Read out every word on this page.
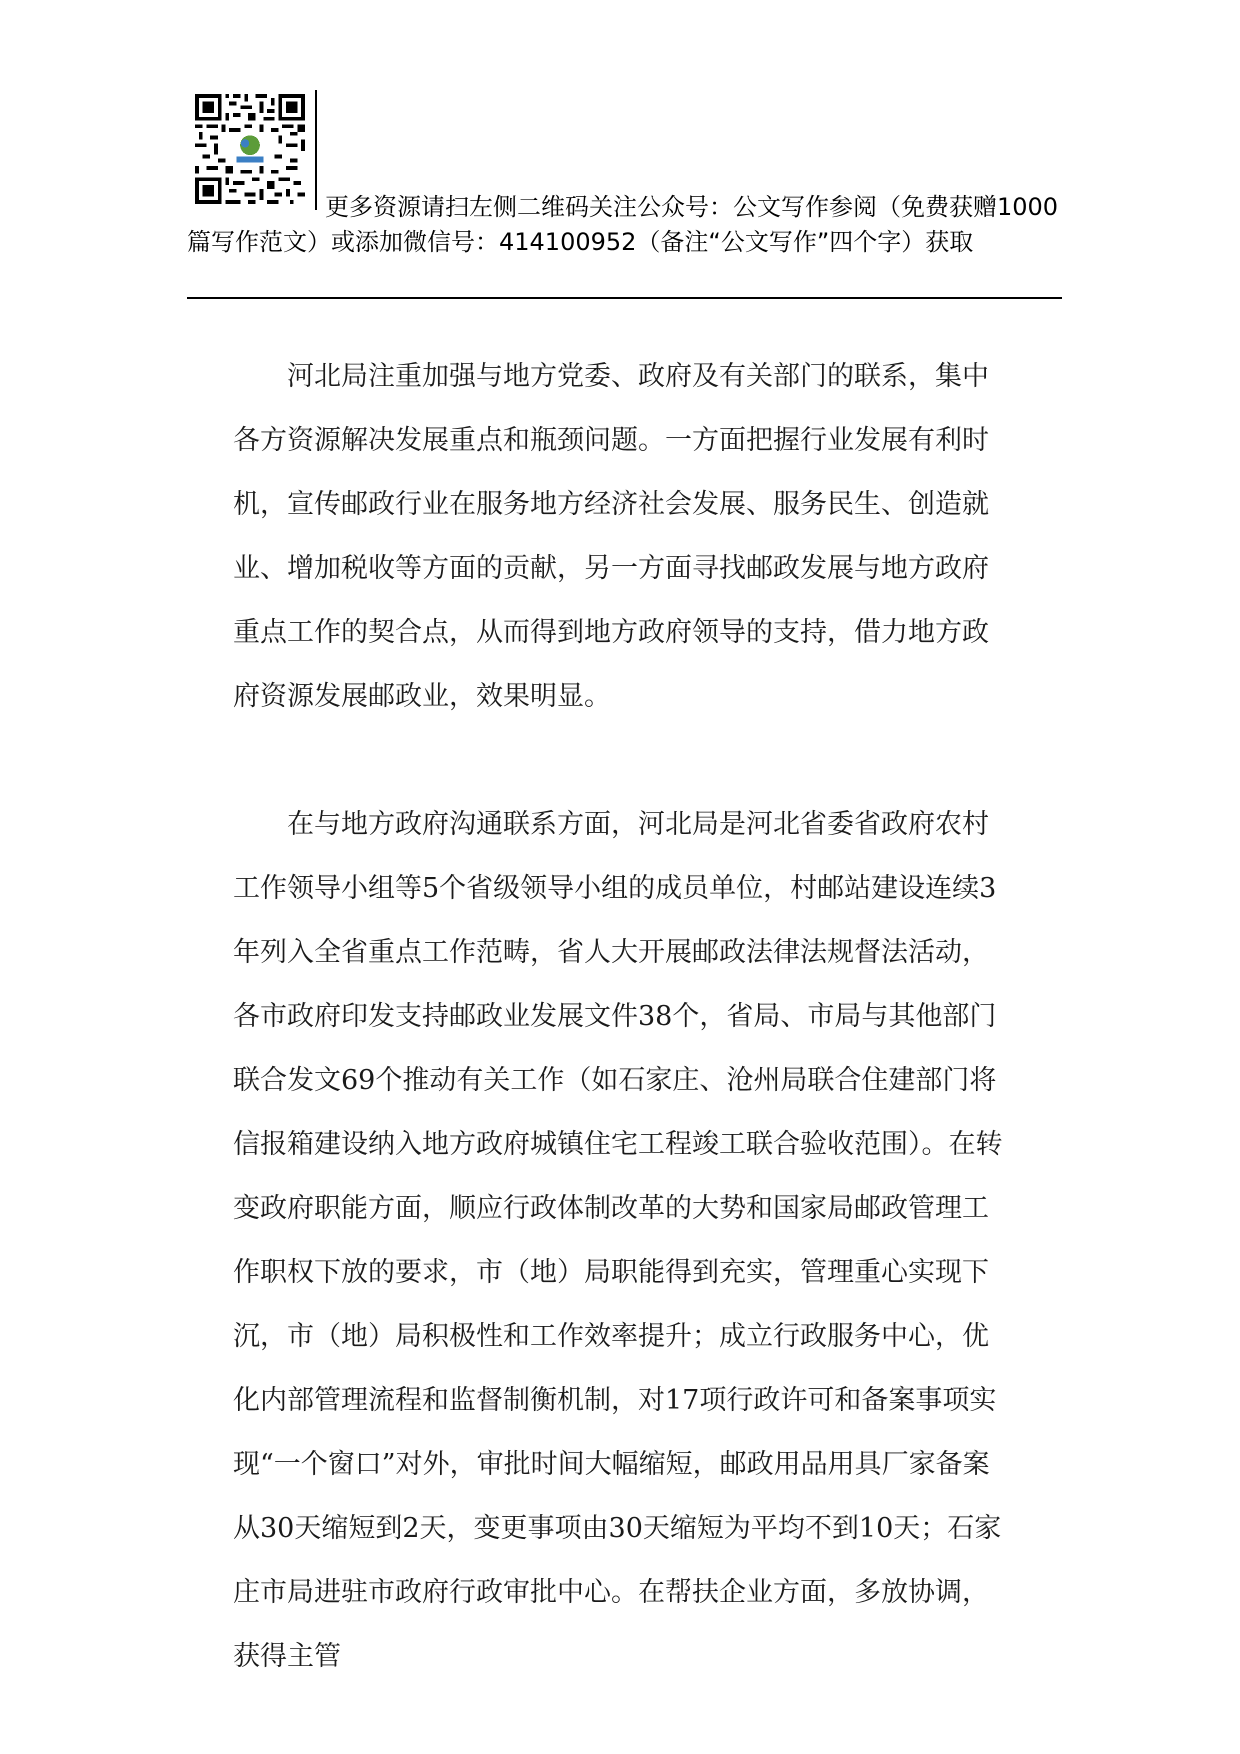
更多资源请扫左侧二维码关注公众号：公文写作参阅（免费获赠1000篇写作范文）或添加微信号：414100952（备注“公文写作”四个字）获取

河北局注重加强与地方党委、政府及有关部门的联系，集中各方资源解决发展重点和瓶颈问题。一方面把握行业发展有利时机，宣传邮政行业在服务地方经济社会发展、服务民生、创造就业、增加税收等方面的贡献，另一方面寻找邮政发展与地方政府重点工作的契合点，从而得到地方政府领导的支持，借力地方政府资源发展邮政业，效果明显。

在与地方政府沟通联系方面，河北局是河北省委省政府农村工作领导小组等5个省级领导小组的成员单位，村邮站建设连续3年列入全省重点工作范畴，省人大开展邮政法律法规督法活动，各市政府印发支持邮政业发展文件38个，省局、市局与其他部门联合发文69个推动有关工作（如石家庄、沧州局联合住建部门将信报箱建设纳入地方政府城镇住宅工程竣工联合验收范围）。在转变政府职能方面，顺应行政体制改革的大势和国家局邮政管理工作职权下放的要求，市（地）局职能得到充实，管理重心实现下沉，市（地）局积极性和工作效率提升；成立行政服务中心，优化内部管理流程和监督制衡机制，对17项行政许可和备案事项实现“一个窗口”对外，审批时间大幅缩短，邮政用品用具厂家备案从30天缩短到2天，变更事项由30天缩短为平均不到10天；石家庄市局进驻市政府行政审批中心。在帮扶企业方面，多放协调，获得主管
